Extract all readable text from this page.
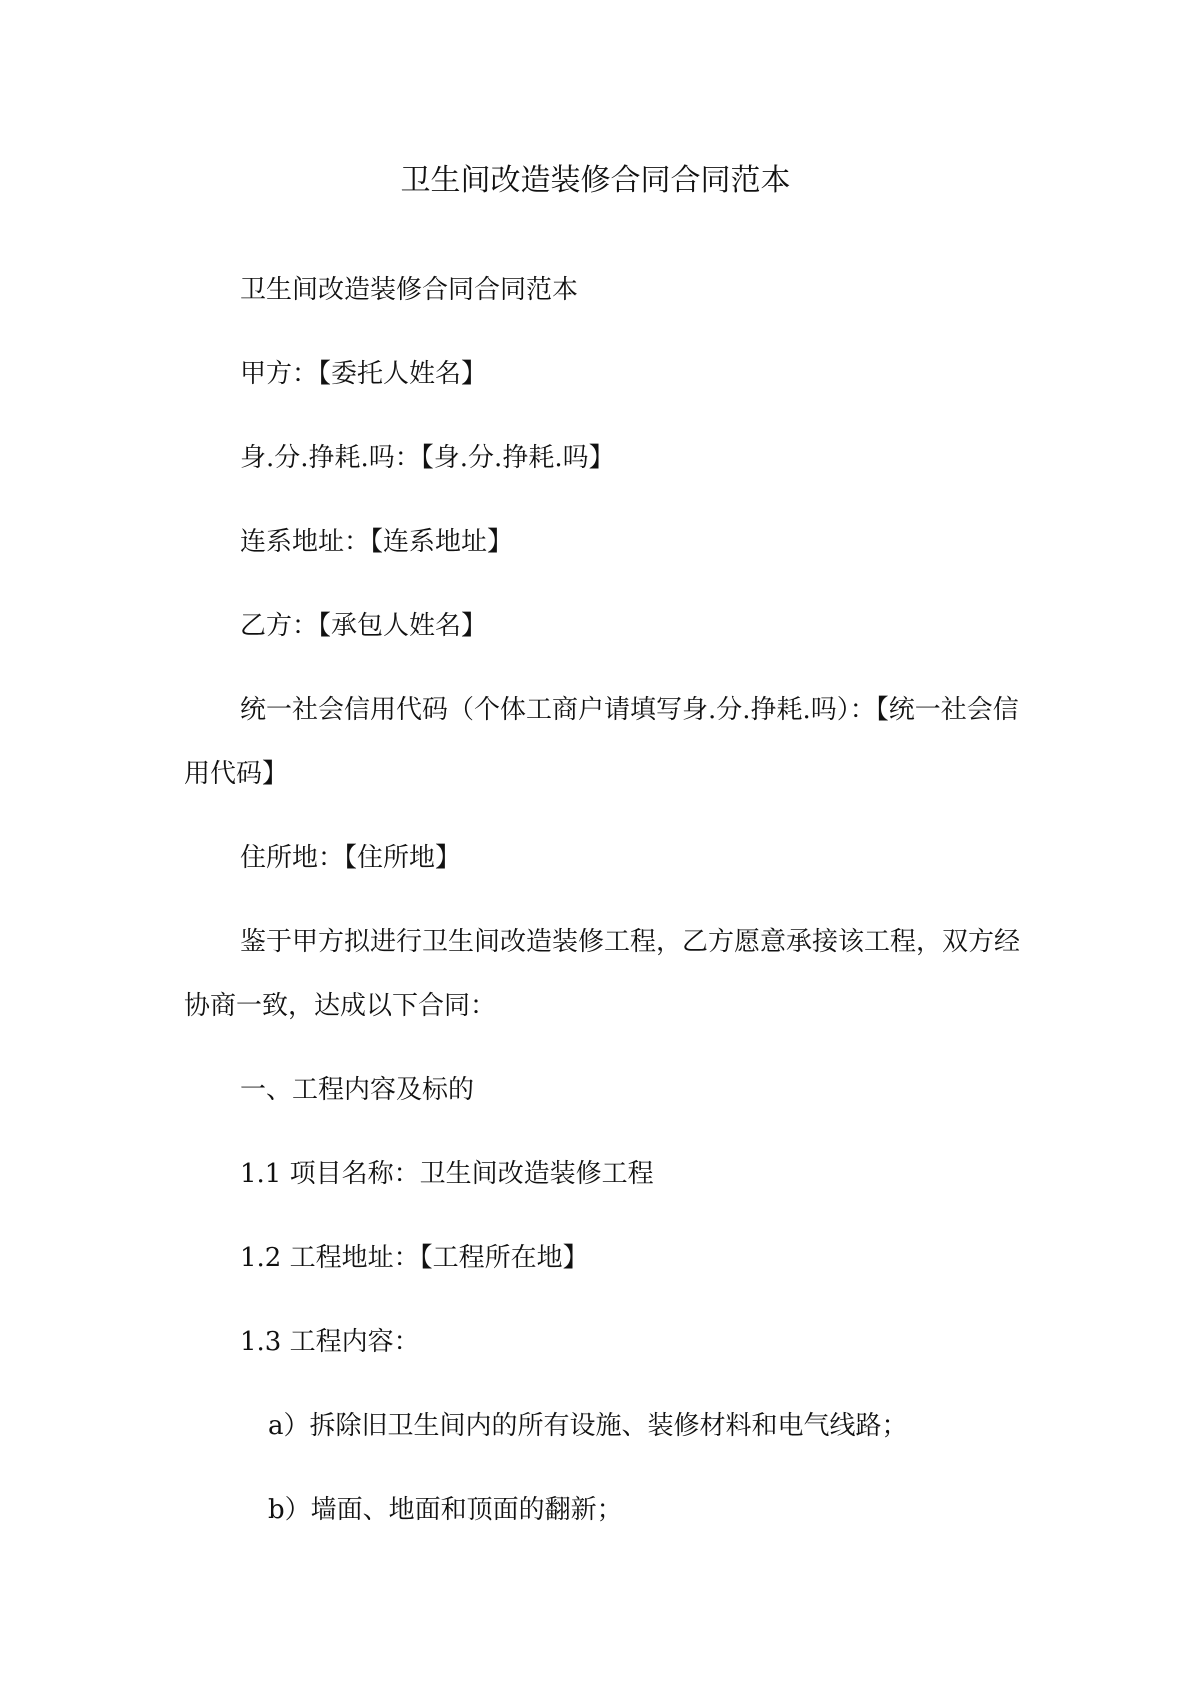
卫生间改造装修合同合同范本

卫生间改造装修合同合同范本

甲方：【委托人姓名】

身.分.挣耗.吗：【身.分.挣耗.吗】

连系地址：【连系地址】

乙方：【承包人姓名】

统一社会信用代码（个体工商户请填写身.分.挣耗.吗）：【统一社会信用代码】

住所地：【住所地】

鉴于甲方拟进行卫生间改造装修工程，乙方愿意承接该工程，双方经协商一致，达成以下合同：

一、工程内容及标的

1.1 项目名称：卫生间改造装修工程

1.2 工程地址：【工程所在地】

1.3 工程内容：

a）拆除旧卫生间内的所有设施、装修材料和电气线路；

b）墙面、地面和顶面的翻新；
